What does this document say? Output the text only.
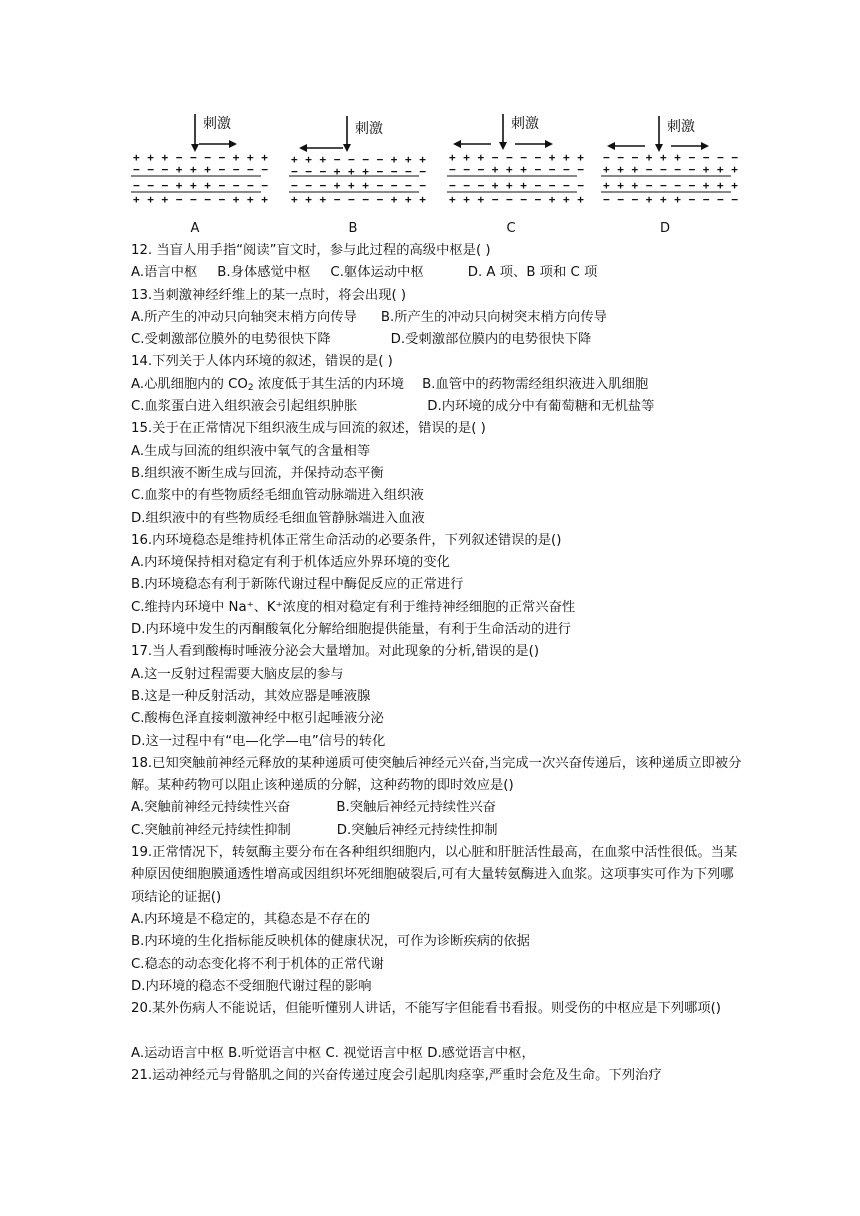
刺激
+ + + − − − − + + +
− − − + + + − − − −
− − − + + + − − − −
+ + + − − − − + + +
A
刺激
+ + + − − − − + + +
− − − + + + − − − −
− − − + + + − − − −
+ + + − − − − + + +
B
刺激
+ + + − − − − + + +
− − − + + + − − − −
− − − + + + − − − −
+ + + − − − − + + +
C
刺激
− − − + + + − − − −
+ + + − − − − + + +
+ + + − − − − + + +
− − − + + + − − − −
D
12. 当盲人用手指“阅读”盲文时，参与此过程的高级中枢是( )
A.语言中枢 B.身体感觉中枢 C.躯体运动中枢	D. A 项、B 项和 C 项
13.当刺激神经纤维上的某一点时，将会出现( )
A.所产生的冲动只向轴突末梢方向传导 B.所产生的冲动只向树突末梢方向传导
C.受刺激部位膜外的电势很快下降	D.受刺激部位膜内的电势很快下降
14.下列关于人体内环境的叙述，错误的是( )
A.心肌细胞内的 $CO_2$ 浓度低于其生活的内环境 B.血管中的药物需经组织液进入肌细胞
C.血浆蛋白进入组织液会引起组织肿胀	D.内环境的成分中有葡萄糖和无机盐等
15.关于在正常情况下组织液生成与回流的叙述，错误的是( )
A.生成与回流的组织液中氧气的含量相等
B.组织液不断生成与回流，并保持动态平衡
C.血浆中的有些物质经毛细血管动脉端进入组织液
D.组织液中的有些物质经毛细血管静脉端进入血液
16.内环境稳态是维持机体正常生命活动的必要条件，下列叙述错误的是()
A.内环境保持相对稳定有利于机体适应外界环境的变化
B.内环境稳态有利于新陈代谢过程中酶促反应的正常进行
C.维持内环境中 Na⁺、K⁺浓度的相对稳定有利于维持神经细胞的正常兴奋性
D.内环境中发生的丙酮酸氧化分解给细胞提供能量，有利于生命活动的进行
17.当人看到酸梅时唾液分泌会大量增加。对此现象的分析,错误的是()
A.这一反射过程需要大脑皮层的参与
B.这是一种反射活动，其效应器是唾液腺
C.酸梅色泽直接刺激神经中枢引起唾液分泌
D.这一过程中有“电—化学—电”信号的转化
18.已知突触前神经元释放的某种递质可使突触后神经元兴奋,当完成一次兴奋传递后，该种递质立即被分解。某种药物可以阻止该种递质的分解，这种药物的即时效应是()
A.突触前神经元持续性兴奋	B.突触后神经元持续性兴奋
C.突触前神经元持续性抑制	D.突触后神经元持续性抑制
19.正常情况下，转氨酶主要分布在各种组织细胞内，以心脏和肝脏活性最高，在血浆中活性很低。当某种原因使细胞膜通透性增高或因组织坏死细胞破裂后,可有大量转氨酶进入血浆。这项事实可作为下列哪项结论的证据()
A.内环境是不稳定的，其稳态是不存在的
B.内环境的生化指标能反映机体的健康状况，可作为诊断疾病的依据
C.稳态的动态变化将不利于机体的正常代谢
D.内环境的稳态不受细胞代谢过程的影响
20.某外伤病人不能说话，但能听懂别人讲话，不能写字但能看书看报。则受伤的中枢应是下列哪项()
A.运动语言中枢 B.听觉语言中枢 C. 视觉语言中枢 D.感觉语言中枢，
21.运动神经元与骨骼肌之间的兴奋传递过度会引起肌肉痉挛,严重时会危及生命。下列治疗
